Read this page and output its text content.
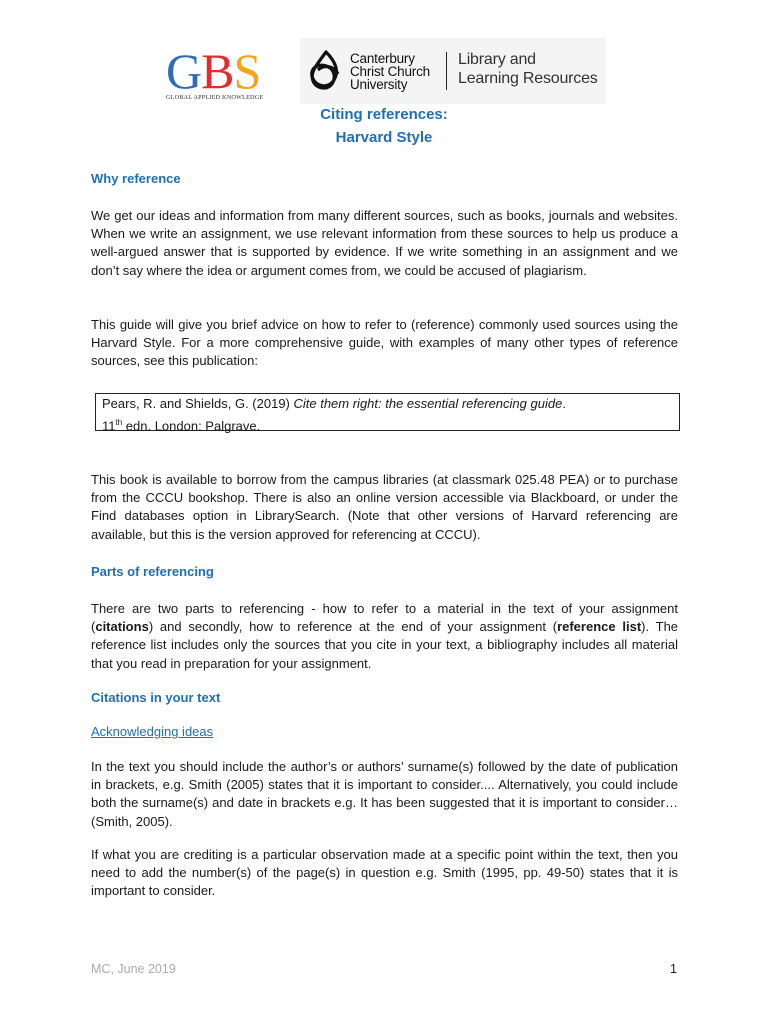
GBS
GLOBAL APPLIED KNOWLEDGE
Canterbury
Christ Church
University
Library and
Learning Resources
Citing references:
Harvard Style
Why reference
We get our ideas and information from many different sources, such as books, journals and websites. When we write an assignment, we use relevant information from these sources to help us produce a well-argued answer that is supported by evidence. If we write something in an assignment and we don’t say where the idea or argument comes from, we could be accused of plagiarism.
This guide will give you brief advice on how to refer to (reference) commonly used sources using the Harvard Style. For a more comprehensive guide, with examples of many other types of reference sources, see this publication:
Pears, R. and Shields, G. (2019) Cite them right: the essential referencing guide.
11th edn. London: Palgrave.
This book is available to borrow from the campus libraries (at classmark 025.48 PEA) or to purchase from the CCCU bookshop. There is also an online version accessible via Blackboard, or under the Find databases option in LibrarySearch. (Note that other versions of Harvard referencing are available, but this is the version approved for referencing at CCCU).
Parts of referencing
There are two parts to referencing - how to refer to a material in the text of your assignment (citations) and secondly, how to reference at the end of your assignment (reference list). The reference list includes only the sources that you cite in your text, a bibliography includes all material that you read in preparation for your assignment.
Citations in your text
Acknowledging ideas
In the text you should include the author’s or authors’ surname(s) followed by the date of publication in brackets, e.g. Smith (2005) states that it is important to consider.... Alternatively, you could include both the surname(s) and date in brackets e.g. It has been suggested that it is important to consider… (Smith, 2005).
If what you are crediting is a particular observation made at a specific point within the text, then you need to add the number(s) of the page(s) in question e.g. Smith (1995, pp. 49-50) states that it is important to consider.
MC, June 2019	1
